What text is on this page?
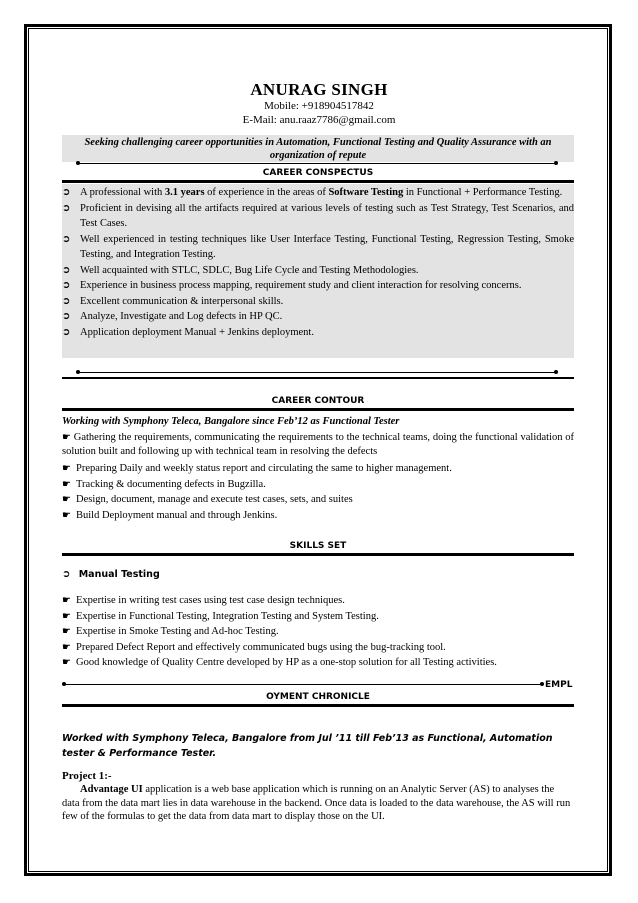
ANURAG SINGH
Mobile: +918904517842
E-Mail: anu.raaz7786@gmail.com
Seeking challenging career opportunities in Automation, Functional Testing and Quality Assurance with an organization of repute
CAREER CONSPECTUS
➲ A professional with 3.1 years of experience in the areas of Software Testing in Functional + Performance Testing.
➲ Proficient in devising all the artifacts required at various levels of testing such as Test Strategy, Test Scenarios, and Test Cases.
➲ Well experienced in testing techniques like User Interface Testing, Functional Testing, Regression Testing, Smoke Testing, and Integration Testing.
➲ Well acquainted with STLC, SDLC, Bug Life Cycle and Testing Methodologies.
➲ Experience in business process mapping, requirement study and client interaction for resolving concerns.
➲ Excellent communication & interpersonal skills.
➲ Analyze, Investigate and Log defects in HP QC.
➲ Application deployment Manual + Jenkins deployment.
CAREER CONTOUR
Working with Symphony Teleca, Bangalore since Feb’12 as Functional Tester
☛ Gathering the requirements, communicating the requirements to the technical teams, doing the functional validation of solution built and following up with technical team in resolving the defects
☛ Preparing Daily and weekly status report and circulating the same to higher management.
☛ Tracking & documenting defects in Bugzilla.
☛ Design, document, manage and execute test cases, sets, and suites
☛ Build Deployment manual and through Jenkins.
SKILLS SET
➲ Manual Testing
☛ Expertise in writing test cases using test case design techniques.
☛ Expertise in Functional Testing, Integration Testing and System Testing.
☛ Expertise in Smoke Testing and Ad-hoc Testing.
☛ Prepared Defect Report and effectively communicated bugs using the bug-tracking tool.
☛ Good knowledge of Quality Centre developed by HP as a one-stop solution for all Testing activities.
EMPL
OYMENT CHRONICLE
Worked with Symphony Teleca, Bangalore from Jul ’11 till Feb’13 as Functional, Automation tester & Performance Tester.
Project 1:-
Advantage UI application is a web base application which is running on an Analytic Server (AS) to analyses the data from the data mart lies in data warehouse in the backend. Once data is loaded to the data warehouse, the AS will run few of the formulas to get the data from data mart to display those on the UI.
